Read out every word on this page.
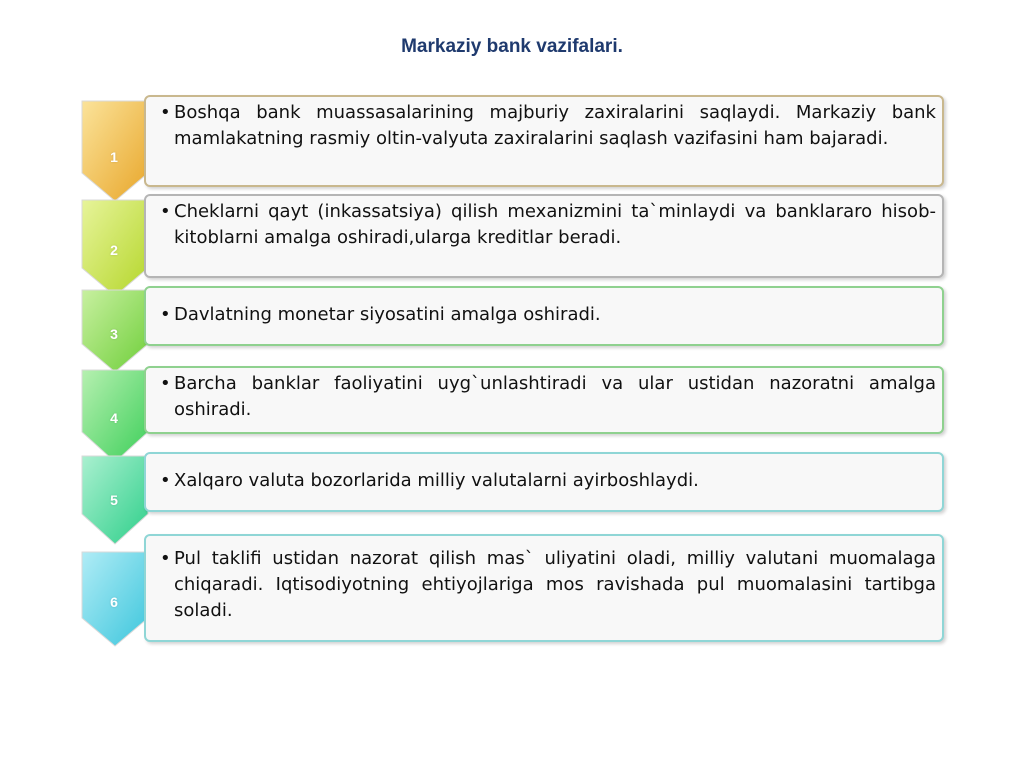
Markaziy bank vazifalari.
1
• Boshqa bank muassasalarining majburiy zaxiralarini saqlaydi. Markaziy bank mamlakatning rasmiy oltin-valyuta zaxiralarini saqlash vazifasini ham bajaradi.
2
• Cheklarni qayt (inkassatsiya) qilish mexanizmini ta`minlaydi va banklararo hisob- kitoblarni amalga oshiradi,ularga kreditlar beradi.
3
• Davlatning monetar siyosatini amalga oshiradi.
4
• Barcha banklar faoliyatini uyg`unlashtiradi va ular ustidan nazoratni amalga oshiradi.
5
• Xalqaro valuta bozorlarida milliy valutalarni ayirboshlaydi.
6
• Pul taklifi ustidan nazorat qilish mas` uliyatini oladi, milliy valutani muomalaga chiqaradi. Iqtisodiyotning ehtiyojlariga mos ravishada pul muomalasini tartibga soladi.
